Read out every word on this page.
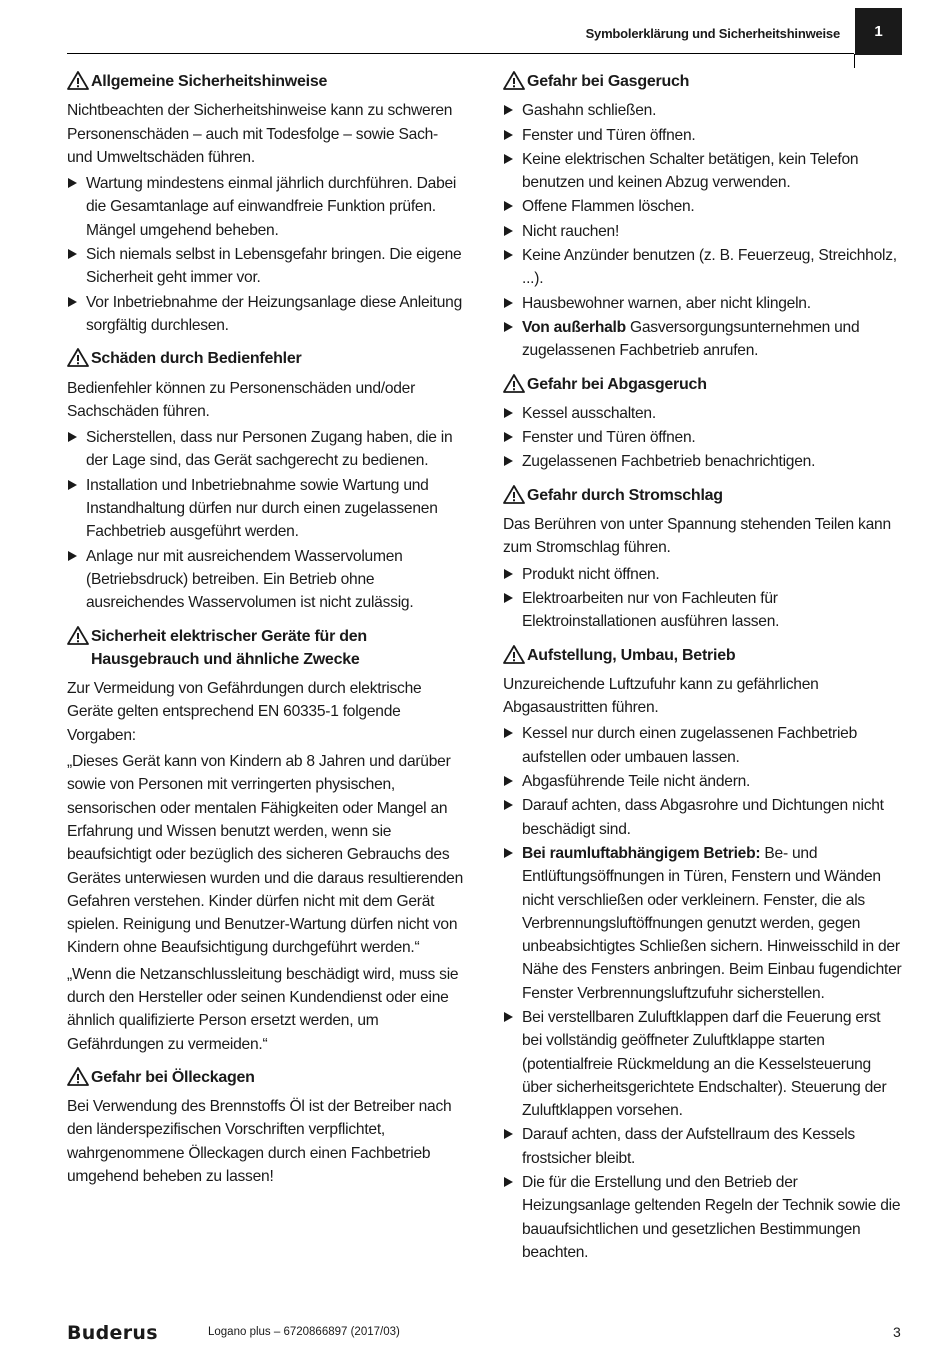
Symbolerklärung und Sicherheitshinweise	1
Allgemeine Sicherheitshinweise
Nichtbeachten der Sicherheitshinweise kann zu schweren Personenschäden – auch mit Todesfolge – sowie Sach- und Umweltschäden führen.
Wartung mindestens einmal jährlich durchführen. Dabei die Gesamtanlage auf einwandfreie Funktion prüfen. Mängel umgehend beheben.
Sich niemals selbst in Lebensgefahr bringen. Die eigene Sicherheit geht immer vor.
Vor Inbetriebnahme der Heizungsanlage diese Anleitung sorgfältig durchlesen.
Schäden durch Bedienfehler
Bedienfehler können zu Personenschäden und/oder Sachschäden führen.
Sicherstellen, dass nur Personen Zugang haben, die in der Lage sind, das Gerät sachgerecht zu bedienen.
Installation und Inbetriebnahme sowie Wartung und Instandhaltung dürfen nur durch einen zugelassenen Fachbetrieb ausgeführt werden.
Anlage nur mit ausreichendem Wasservolumen (Betriebsdruck) betreiben. Ein Betrieb ohne ausreichendes Wasservolumen ist nicht zulässig.
Sicherheit elektrischer Geräte für den Hausgebrauch und ähnliche Zwecke
Zur Vermeidung von Gefährdungen durch elektrische Geräte gelten entsprechend EN 60335-1 folgende Vorgaben:
„Dieses Gerät kann von Kindern ab 8 Jahren und darüber sowie von Personen mit verringerten physischen, sensorischen oder mentalen Fähigkeiten oder Mangel an Erfahrung und Wissen benutzt werden, wenn sie beaufsichtigt oder bezüglich des sicheren Gebrauchs des Gerätes unterwiesen wurden und die daraus resultierenden Gefahren verstehen. Kinder dürfen nicht mit dem Gerät spielen. Reinigung und Benutzer-Wartung dürfen nicht von Kindern ohne Beaufsichtigung durchgeführt werden.“
„Wenn die Netzanschlussleitung beschädigt wird, muss sie durch den Hersteller oder seinen Kundendienst oder eine ähnlich qualifizierte Person ersetzt werden, um Gefährdungen zu vermeiden.“
Gefahr bei Ölleckagen
Bei Verwendung des Brennstoffs Öl ist der Betreiber nach den länderspezifischen Vorschriften verpflichtet, wahrgenommene Ölleckagen durch einen Fachbetrieb umgehend beheben zu lassen!
Gefahr bei Gasgeruch
Gashahn schließen.
Fenster und Türen öffnen.
Keine elektrischen Schalter betätigen, kein Telefon benutzen und keinen Abzug verwenden.
Offene Flammen löschen.
Nicht rauchen!
Keine Anzünder benutzen (z. B. Feuerzeug, Streichholz, ...).
Hausbewohner warnen, aber nicht klingeln.
Von außerhalb Gasversorgungsunternehmen und zugelassenen Fachbetrieb anrufen.
Gefahr bei Abgasgeruch
Kessel ausschalten.
Fenster und Türen öffnen.
Zugelassenen Fachbetrieb benachrichtigen.
Gefahr durch Stromschlag
Das Berühren von unter Spannung stehenden Teilen kann zum Stromschlag führen.
Produkt nicht öffnen.
Elektroarbeiten nur von Fachleuten für Elektroinstallationen ausführen lassen.
Aufstellung, Umbau, Betrieb
Unzureichende Luftzufuhr kann zu gefährlichen Abgasaustritten führen.
Kessel nur durch einen zugelassenen Fachbetrieb aufstellen oder umbauen lassen.
Abgasführende Teile nicht ändern.
Darauf achten, dass Abgasrohre und Dichtungen nicht beschädigt sind.
Bei raumluftabhängigem Betrieb: Be- und Entlüftungsöffnungen in Türen, Fenstern und Wänden nicht verschließen oder verkleinern. Fenster, die als Verbrennungsluftöffnungen genutzt werden, gegen unbeabsichtigtes Schließen sichern. Hinweisschild in der Nähe des Fensters anbringen. Beim Einbau fugendichter Fenster Verbrennungsluftzufuhr sicherstellen.
Bei verstellbaren Zuluftklappen darf die Feuerung erst bei vollständig geöffneter Zuluftklappe starten (potentialfreie Rückmeldung an die Kesselsteuerung über sicherheitsgerichtete Endschalter). Steuerung der Zuluftklappen vorsehen.
Darauf achten, dass der Aufstellraum des Kessels frostsicher bleibt.
Die für die Erstellung und den Betrieb der Heizungsanlage geltenden Regeln der Technik sowie die bauaufsichtlichen und gesetzlichen Bestimmungen beachten.
Buderus	Logano plus – 6720866897 (2017/03)	3
